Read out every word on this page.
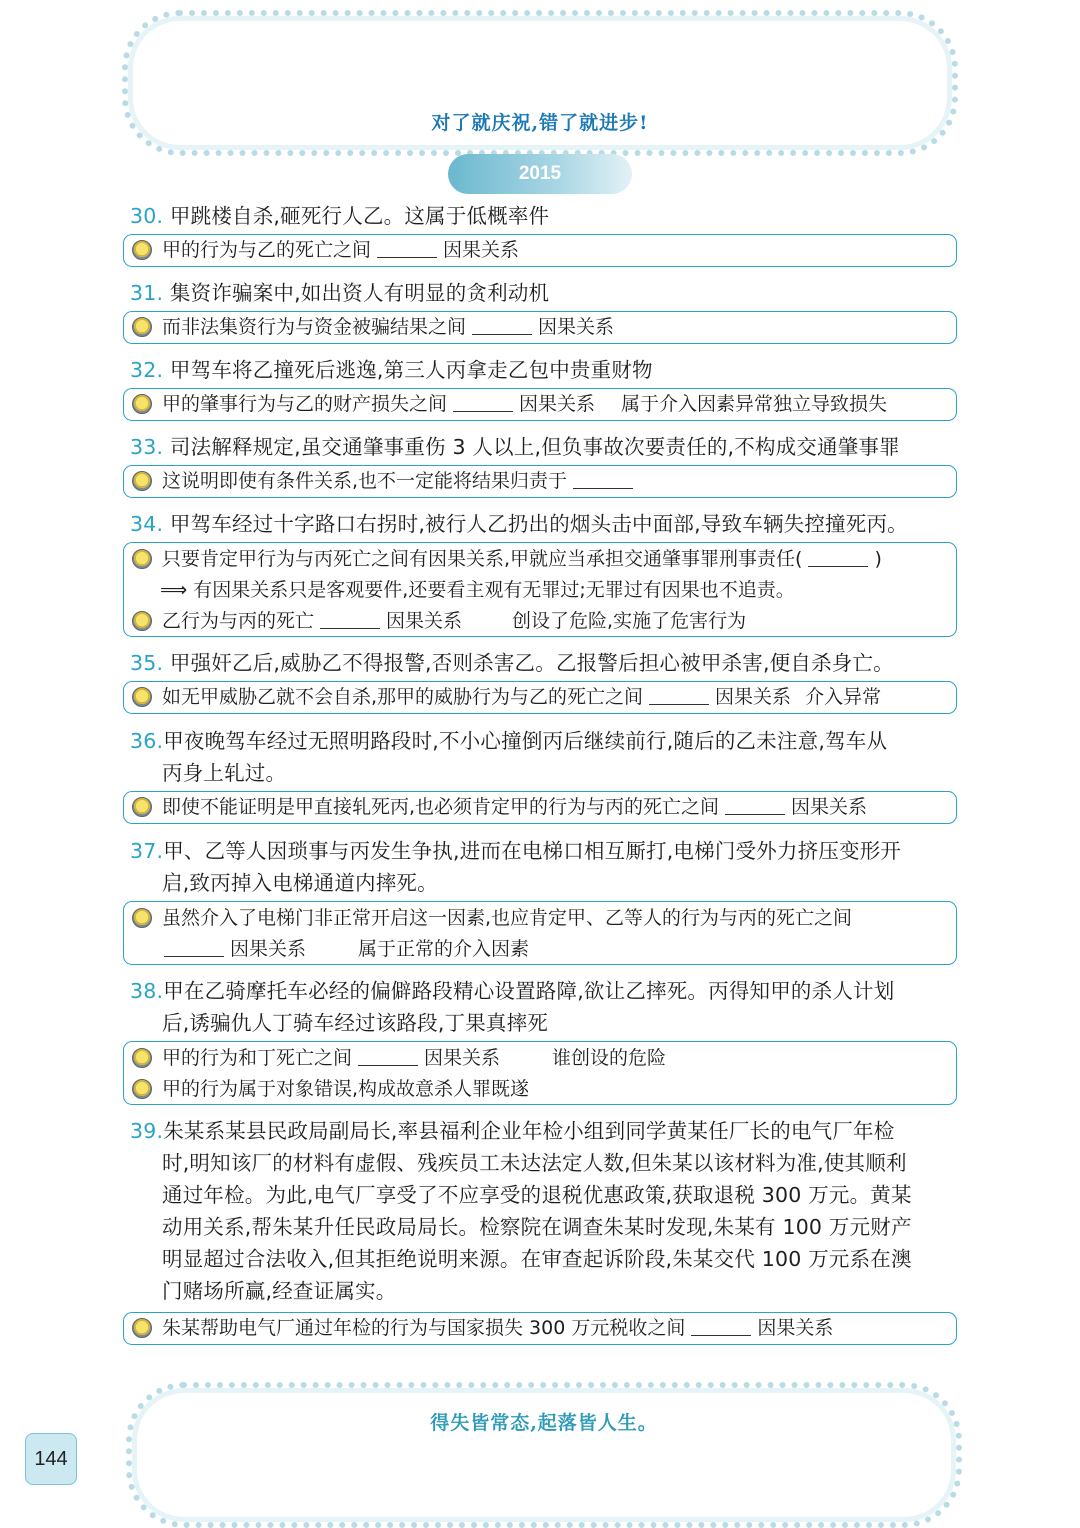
对了就庆祝,错了就进步!
2015
30. 甲跳楼自杀,砸死行人乙。这属于低概率件
甲的行为与乙的死亡之间	因果关系
31. 集资诈骗案中,如出资人有明显的贪利动机
而非法集资行为与资金被骗结果之间	因果关系
32. 甲驾车将乙撞死后逃逸,第三人丙拿走乙包中贵重财物
甲的肇事行为与乙的财产损失之间	因果关系 属于介入因素异常独立导致损失
33. 司法解释规定,虽交通肇事重伤 3 人以上,但负事故次要责任的,不构成交通肇事罪
这说明即使有条件关系,也不一定能将结果归责于
34. 甲驾车经过十字路口右拐时,被行人乙扔出的烟头击中面部,导致车辆失控撞死丙。
只要肯定甲行为与丙死亡之间有因果关系,甲就应当承担交通肇事罪刑事责任(	)
⟹ 有因果关系只是客观要件,还要看主观有无罪过;无罪过有因果也不追责。
乙行为与丙的死亡	因果关系	创设了危险,实施了危害行为
35. 甲强奸乙后,威胁乙不得报警,否则杀害乙。乙报警后担心被甲杀害,便自杀身亡。
如无甲威胁乙就不会自杀,那甲的威胁行为与乙的死亡之间	因果关系 介入异常
36.甲夜晚驾车经过无照明路段时,不小心撞倒丙后继续前行,随后的乙未注意,驾车从
丙身上轧过。
即使不能证明是甲直接轧死丙,也必须肯定甲的行为与丙的死亡之间	因果关系
37.甲、乙等人因琐事与丙发生争执,进而在电梯口相互厮打,电梯门受外力挤压变形开
启,致丙掉入电梯通道内摔死。
虽然介入了电梯门非正常开启这一因素,也应肯定甲、乙等人的行为与丙的死亡之间
因果关系	属于正常的介入因素
38.甲在乙骑摩托车必经的偏僻路段精心设置路障,欲让乙摔死。丙得知甲的杀人计划
后,诱骗仇人丁骑车经过该路段,丁果真摔死
甲的行为和丁死亡之间	因果关系	谁创设的危险
甲的行为属于对象错误,构成故意杀人罪既遂
39.朱某系某县民政局副局长,率县福利企业年检小组到同学黄某任厂长的电气厂年检
时,明知该厂的材料有虚假、残疾员工未达法定人数,但朱某以该材料为准,使其顺利
通过年检。为此,电气厂享受了不应享受的退税优惠政策,获取退税 300 万元。黄某
动用关系,帮朱某升任民政局局长。检察院在调查朱某时发现,朱某有 100 万元财产
明显超过合法收入,但其拒绝说明来源。在审查起诉阶段,朱某交代 100 万元系在澳
门赌场所赢,经查证属实。
朱某帮助电气厂通过年检的行为与国家损失 300 万元税收之间	因果关系
得失皆常态,起落皆人生。
144
